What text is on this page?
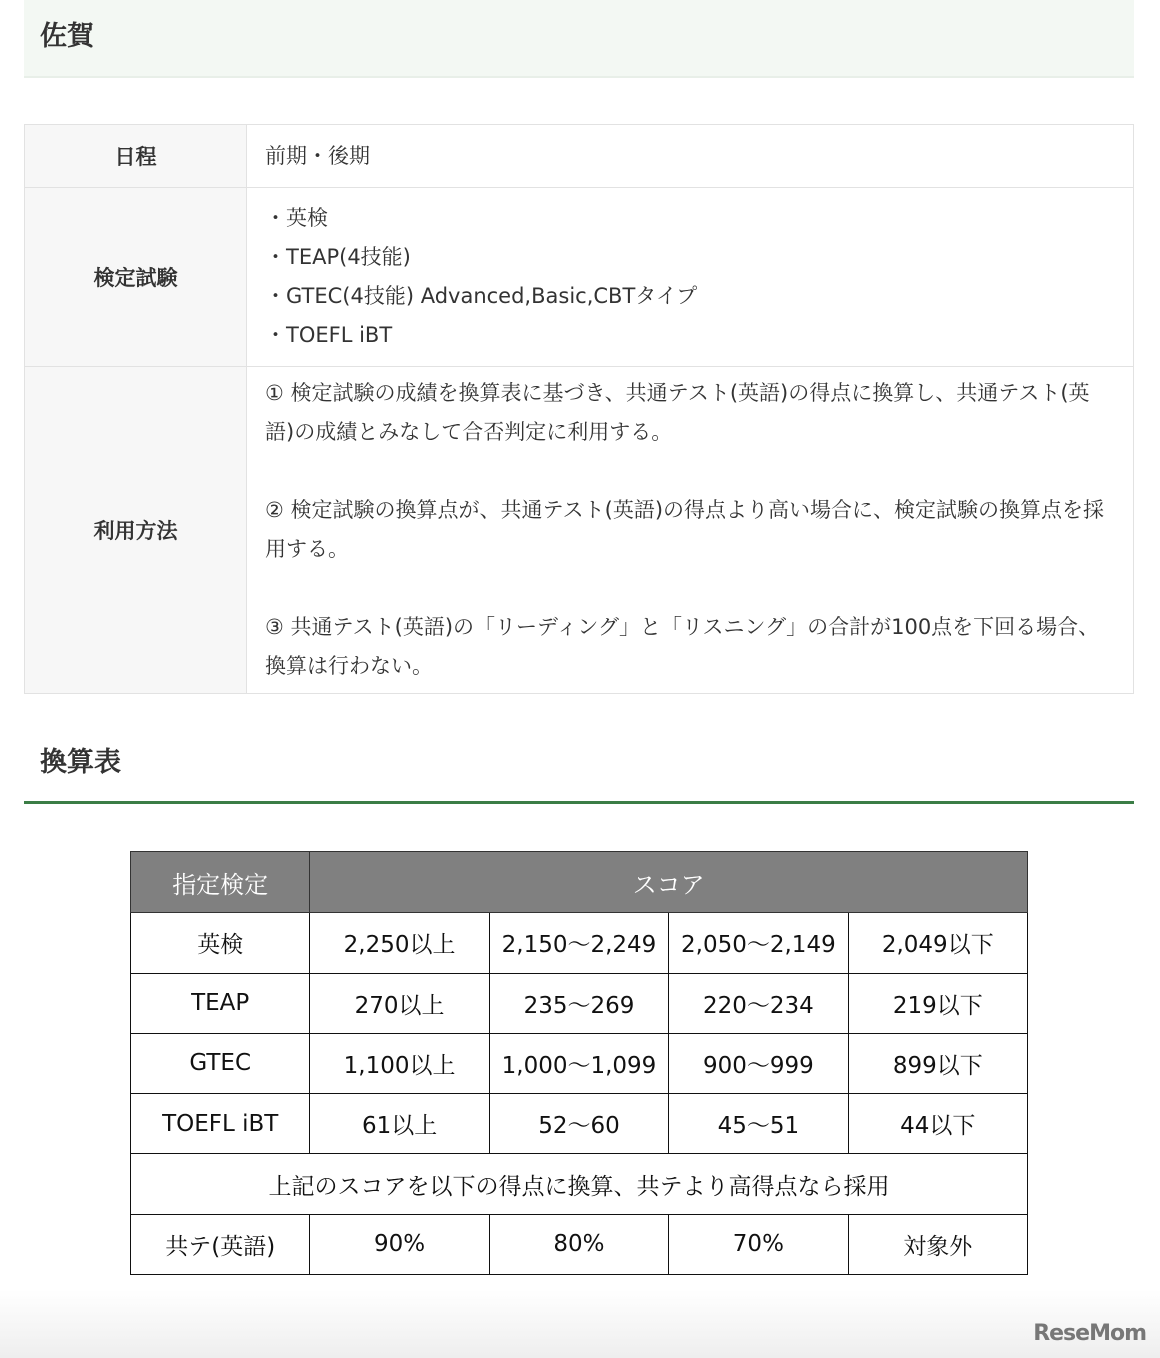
佐賀
日程	前期・後期
検定試験	・英検
・TEAP(4技能)
・GTEC(4技能) Advanced,Basic,CBTタイプ
・TOEFL iBT

利用方法	① 検定試験の成績を換算表に基づき、共通テスト(英語)の得点に換算し、共通テスト(英語)の成績とみなして合否判定に利用する。

② 検定試験の換算点が、共通テスト(英語)の得点より高い場合に、検定試験の換算点を採用する。

③ 共通テスト(英語)の「リーディング」と「リスニング」の合計が100点を下回る場合、換算は行わない。

換算表
指定検定	スコア			
英検	2,250以上	2,150～2,249	2,050～2,149	2,049以下
TEAP	270以上	235～269	220～234	219以下
GTEC	1,100以上	1,000～1,099	900～999	899以下
TOEFL iBT	61以上	52～60	45～51	44以下
上記のスコアを以下の得点に換算、共テより高得点なら採用				
共テ(英語)	90%	80%	70%	対象外
ReseMom
